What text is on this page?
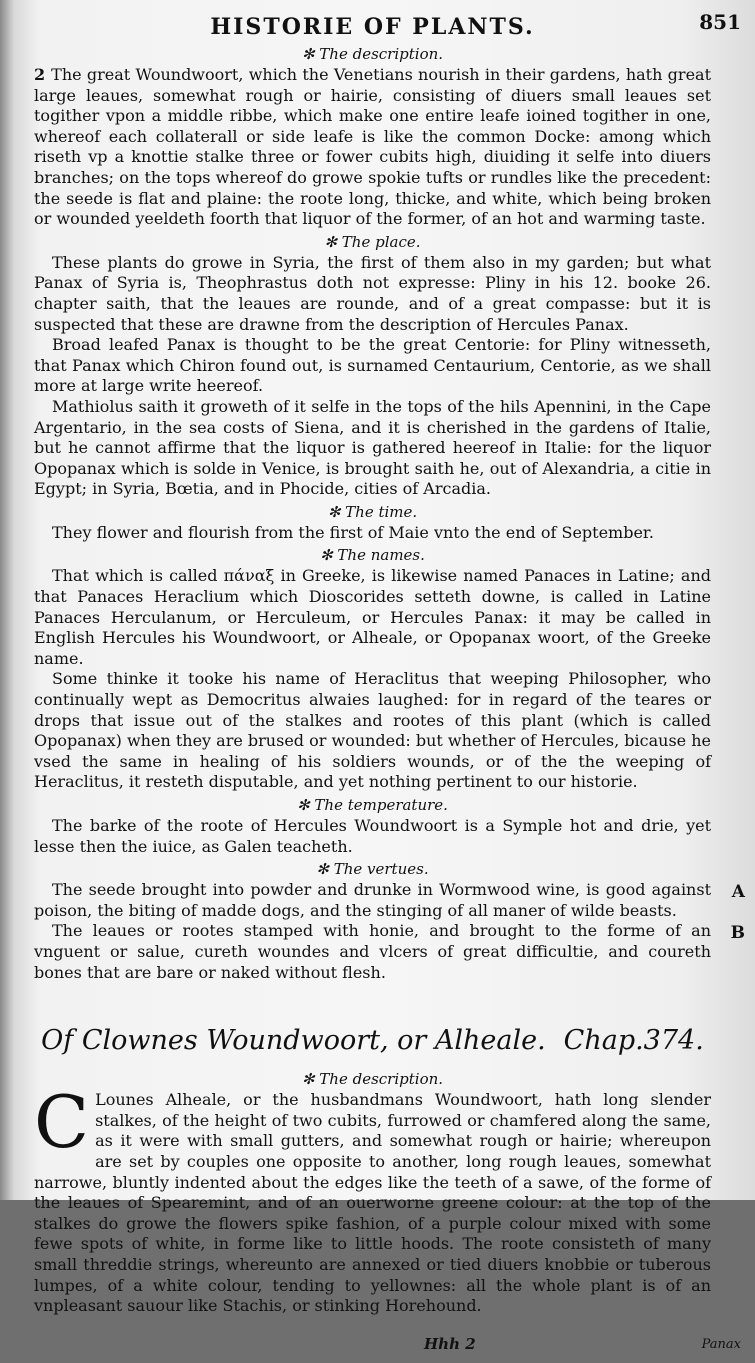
HISTORIE OF PLANTS.	851
✻ The description.

2 The great Woundwoort, which the Venetians nourish in their gardens, hath great large leaues, somewhat rough or hairie, consisting of diuers small leaues set togither vpon a middle ribbe, which make one entire leafe ioined togither in one, whereof each collaterall or side leafe is like the common Docke: among which riseth vp a knottie stalke three or fower cubits high, diuiding it selfe into diuers branches; on the tops whereof do growe spokie tufts or rundles like the precedent: the seede is flat and plaine: the roote long, thicke, and white, which being broken or wounded yeeldeth foorth that liquor of the former, of an hot and warming taste.

✻ The place.

These plants do growe in Syria, the first of them also in my garden; but what Panax of Syria is, Theophrastus doth not expresse: Pliny in his 12. booke 26. chapter saith, that the leaues are rounde, and of a great compasse: but it is suspected that these are drawne from the description of Hercules Panax.

Broad leafed Panax is thought to be the great Centorie: for Pliny witnesseth, that Panax which Chiron found out, is surnamed Centaurium, Centorie, as we shall more at large write heereof.

Mathiolus saith it groweth of it selfe in the tops of the hils Apennini, in the Cape Argentario, in the sea costs of Siena, and it is cherished in the gardens of Italie, but he cannot affirme that the liquor is gathered heereof in Italie: for the liquor Opopanax which is solde in Venice, is brought saith he, out of Alexandria, a citie in Egypt; in Syria, Bœtia, and in Phocide, cities of Arcadia.

✻ The time.

They flower and flourish from the first of Maie vnto the end of September.

✻ The names.

That which is called πάναξ in Greeke, is likewise named Panaces in Latine; and that Panaces Heraclium which Dioscorides setteth downe, is called in Latine Panaces Herculanum, or Herculeum, or Hercules Panax: it may be called in English Hercules his Woundwoort, or Alheale, or Opopanax woort, of the Greeke name.

Some thinke it tooke his name of Heraclitus that weeping Philosopher, who continually wept as Democritus alwaies laughed: for in regard of the teares or drops that issue out of the stalkes and rootes of this plant (which is called Opopanax) when they are brused or wounded: but whether of Hercules, bicause he vsed the same in healing of his soldiers wounds, or of the the weeping of Heraclitus, it resteth disputable, and yet nothing pertinent to our historie.

✻ The temperature.

The barke of the roote of Hercules Woundwoort is a Symple hot and drie, yet lesse then the iuice, as Galen teacheth.

✻ The vertues.

The seede brought into powder and drunke in Wormwood wine, is good against poison, the biting of madde dogs, and the stinging of all maner of wilde beasts.

A

The leaues or rootes stamped with honie, and brought to the forme of an vnguent or salue, cureth woundes and vlcers of great difficultie, and coureth bones that are bare or naked without flesh.

B
Of Clownes Woundwoort, or Alheale. Chap.374.
✻ The description.

C Lounes Alheale, or the husbandmans Woundwoort, hath long slender stalkes, of the height of two cubits, furrowed or chamfered along the same, as it were with small gutters, and somewhat rough or hairie; whereupon are set by couples one opposite to another, long rough leaues, somewhat narrowe, bluntly indented about the edges like the teeth of a sawe, of the forme of the leaues of Spearemint, and of an ouerworne greene colour: at the top of the stalkes do growe the flowers spike fashion, of a purple colour mixed with some fewe spots of white, in forme like to little hoods. The roote consisteth of many small threddie strings, whereunto are annexed or tied diuers knobbie or tuberous lumpes, of a white colour, tending to yellownes: all the whole plant is of an vnpleasant sauour like Stachis, or stinking Horehound.

Hhh 2	Panax
